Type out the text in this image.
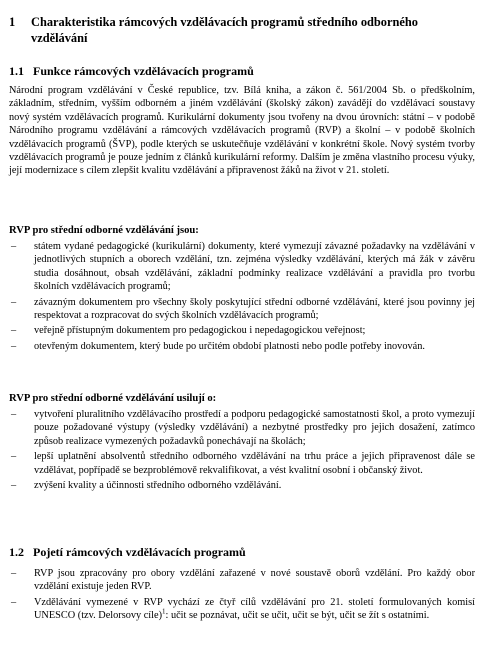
1 Charakteristika rámcových vzdělávacích programů středního odborného vzdělávání
1.1 Funkce rámcových vzdělávacích programů
Národní program vzdělávání v České republice, tzv. Bílá kniha, a zákon č. 561/2004 Sb. o předškolním, základním, středním, vyšším odborném a jiném vzdělávání (školský zákon) zavádějí do vzdělávací soustavy nový systém vzdělávacích programů. Kurikulární dokumenty jsou tvořeny na dvou úrovních: státní – v podobě Národního programu vzdělávání a rámcových vzdělávacích programů (RVP) a školní – v podobě školních vzdělávacích programů (ŠVP), podle kterých se uskutečňuje vzdělávání v konkrétní škole. Nový systém tvorby vzdělávacích programů je pouze jedním z článků kurikulární reformy. Dalším je změna vlastního procesu výuky, její modernizace s cílem zlepšit kvalitu vzdělávání a připravenost žáků na život v 21. století.
RVP pro střední odborné vzdělávání jsou:
– státem vydané pedagogické (kurikulární) dokumenty, které vymezují závazné požadavky na vzdělávání v jednotlivých stupních a oborech vzdělání, tzn. zejména výsledky vzdělávání, kterých má žák v závěru studia dosáhnout, obsah vzdělávání, základní podmínky realizace vzdělávání a pravidla pro tvorbu školních vzdělávacích programů;
– závazným dokumentem pro všechny školy poskytující střední odborné vzdělávání, které jsou povinny jej respektovat a rozpracovat do svých školních vzdělávacích programů;
– veřejně přístupným dokumentem pro pedagogickou i nepedagogickou veřejnost;
– otevřeným dokumentem, který bude po určitém období platnosti nebo podle potřeby inovován.
RVP pro střední odborné vzdělávání usilují o:
– vytvoření pluralitního vzdělávacího prostředí a podporu pedagogické samostatnosti škol, a proto vymezují pouze požadované výstupy (výsledky vzdělávání) a nezbytné prostředky pro jejich dosažení, zatímco způsob realizace vymezených požadavků ponechávají na školách;
– lepší uplatnění absolventů středního odborného vzdělávání na trhu práce a jejich připravenost dále se vzdělávat, popřípadě se bezproblémově rekvalifikovat, a vést kvalitní osobní i občanský život.
– zvýšení kvality a účinnosti středního odborného vzdělávání.
1.2 Pojetí rámcových vzdělávacích programů
– RVP jsou zpracovány pro obory vzdělání zařazené v nové soustavě oborů vzdělání. Pro každý obor vzdělání existuje jeden RVP.
– Vzdělávání vymezené v RVP vychází ze čtyř cílů vzdělávání pro 21. století formulovaných komisí UNESCO (tzv. Delorsovy cíle)$^1$: učit se poznávat, učit se učit, učit se být, učit se žít s ostatními.
